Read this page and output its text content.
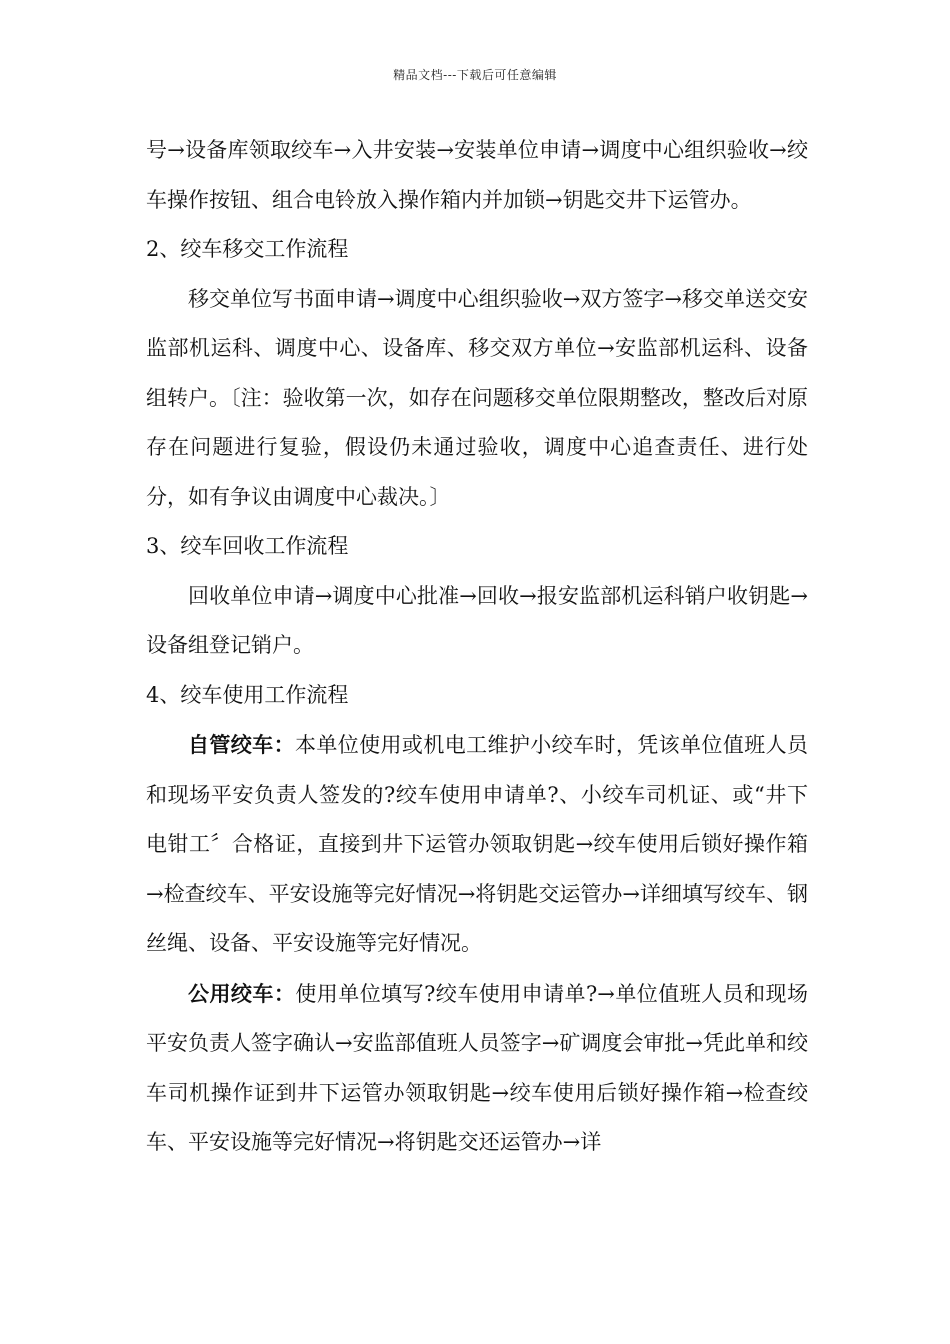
精品文档---下载后可任意编辑

号→设备库领取绞车→入井安装→安装单位申请→调度中心组织验收→绞车操作按钮、组合电铃放入操作箱内并加锁→钥匙交井下运管办。

2、绞车移交工作流程

移交单位写书面申请→调度中心组织验收→双方签字→移交单送交安监部机运科、调度中心、设备库、移交双方单位→安监部机运科、设备组转户。〔注：验收第一次，如存在问题移交单位限期整改，整改后对原存在问题进行复验，假设仍未通过验收，调度中心追查责任、进行处分，如有争议由调度中心裁决。〕

3、绞车回收工作流程

回收单位申请→调度中心批准→回收→报安监部机运科销户收钥匙→设备组登记销户。

4、绞车使用工作流程

自管绞车：本单位使用或机电工维护小绞车时，凭该单位值班人员和现场平安负责人签发的?绞车使用申请单?、小绞车司机证、或“井下电钳工〞合格证，直接到井下运管办领取钥匙→绞车使用后锁好操作箱→检查绞车、平安设施等完好情况→将钥匙交运管办→详细填写绞车、钢丝绳、设备、平安设施等完好情况。

公用绞车：使用单位填写?绞车使用申请单?→单位值班人员和现场平安负责人签字确认→安监部值班人员签字→矿调度会审批→凭此单和绞车司机操作证到井下运管办领取钥匙→绞车使用后锁好操作箱→检查绞车、平安设施等完好情况→将钥匙交还运管办→详
